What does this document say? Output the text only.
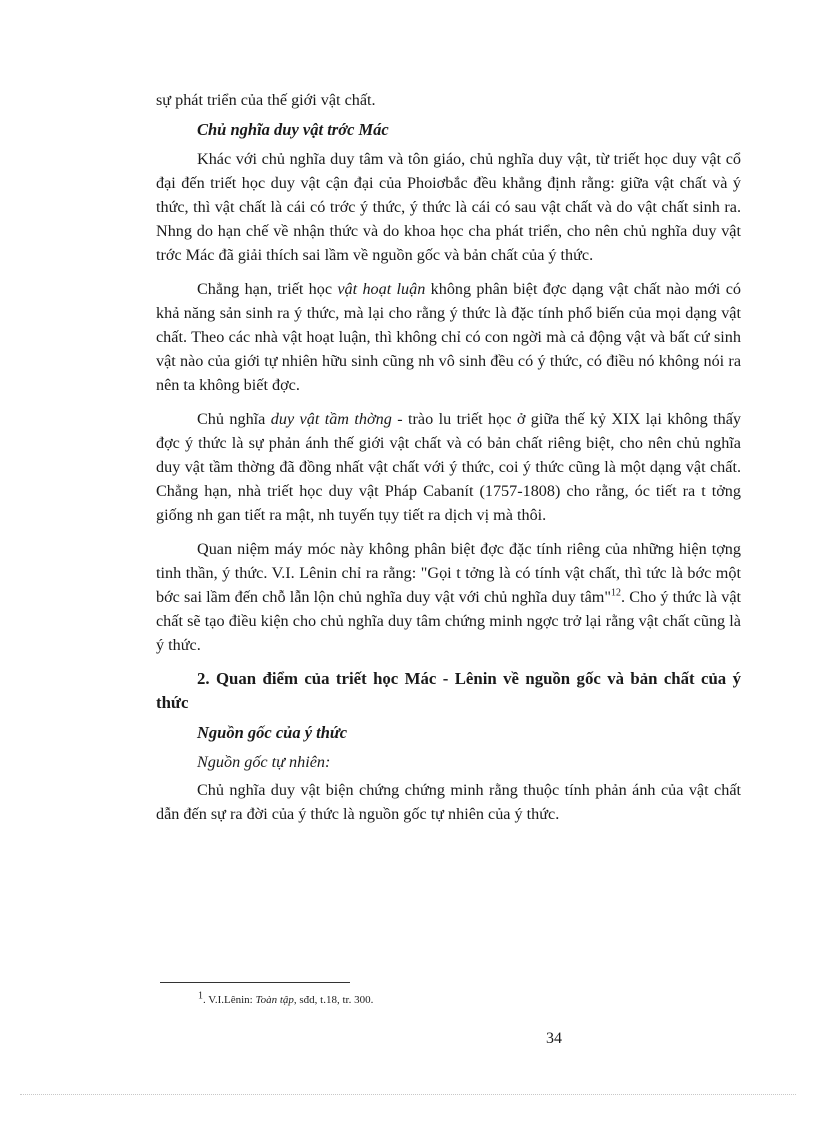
sự phát triển của thế giới vật chất.

Chủ nghĩa duy vật trớc Mác

Khác với chủ nghĩa duy tâm và tôn giáo, chủ nghĩa duy vật, từ triết học duy vật cổ đại đến triết học duy vật cận đại của Phoiơbắc đều khẳng định rằng: giữa vật chất và ý thức, thì vật chất là cái có trớc ý thức, ý thức là cái có sau vật chất và do vật chất sinh ra. Nhng do hạn chế về nhận thức và do khoa học cha phát triển, cho nên chủ nghĩa duy vật trớc Mác đã giải thích sai lầm về nguồn gốc và bản chất của ý thức.

Chẳng hạn, triết học vật hoạt luận không phân biệt đợc dạng vật chất nào mới có khả năng sản sinh ra ý thức, mà lại cho rằng ý thức là đặc tính phổ biến của mọi dạng vật chất. Theo các nhà vật hoạt luận, thì không chỉ có con ngời mà cả động vật và bất cứ sinh vật nào của giới tự nhiên hữu sinh cũng nh vô sinh đều có ý thức, có điều nó không nói ra nên ta không biết đợc.

Chủ nghĩa duy vật tầm thờng - trào lu triết học ở giữa thế kỷ XIX lại không thấy đợc ý thức là sự phản ánh thế giới vật chất và có bản chất riêng biệt, cho nên chủ nghĩa duy vật tầm thờng đã đồng nhất vật chất với ý thức, coi ý thức cũng là một dạng vật chất. Chẳng hạn, nhà triết học duy vật Pháp Cabanít (1757-1808) cho rằng, óc tiết ra t tởng giống nh gan tiết ra mật, nh tuyến tụy tiết ra dịch vị mà thôi.

Quan niệm máy móc này không phân biệt đợc đặc tính riêng của những hiện tợng tinh thần, ý thức. V.I. Lênin chỉ ra rằng: "Gọi t tởng là có tính vật chất, thì tức là bớc một bớc sai lầm đến chỗ lẫn lộn chủ nghĩa duy vật với chủ nghĩa duy tâm"$^{12}$. Cho ý thức là vật chất sẽ tạo điều kiện cho chủ nghĩa duy tâm chứng minh ngợc trở lại rằng vật chất cũng là ý thức.

2. Quan điểm của triết học Mác - Lênin về nguồn gốc và bản chất của ý thức
Nguồn gốc của ý thức
Nguồn gốc tự nhiên:

Chủ nghĩa duy vật biện chứng chứng minh rằng thuộc tính phản ánh của vật chất dẫn đến sự ra đời của ý thức là nguồn gốc tự nhiên của ý thức.

$^1$. V.I.Lênin: Toàn tập, sđd, t.18, tr. 300.
34
